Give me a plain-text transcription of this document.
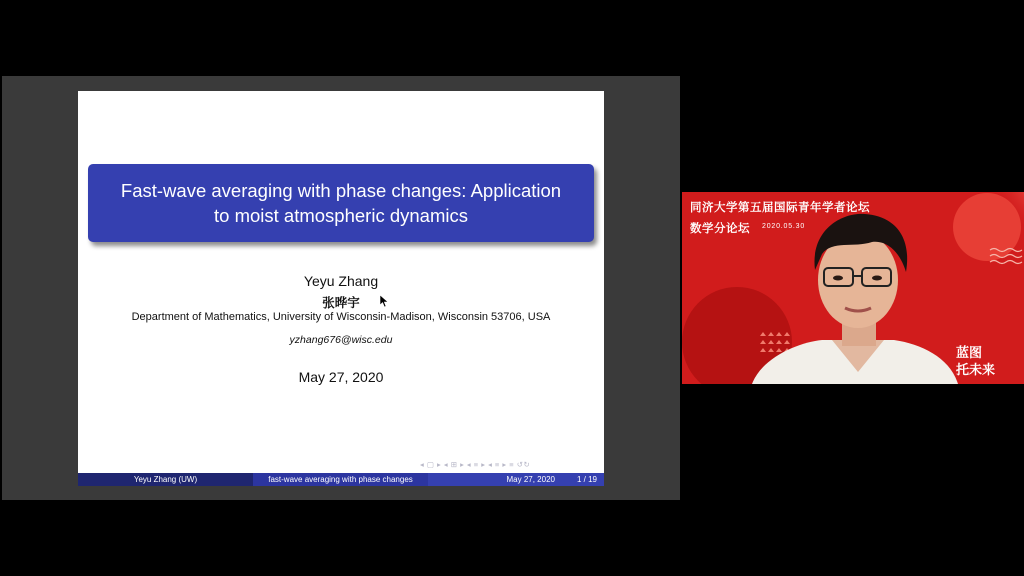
Fast-wave averaging with phase changes: Application
to moist atmospheric dynamics
Yeyu Zhang
张晔宇
Department of Mathematics, University of Wisconsin-Madison, Wisconsin 53706, USA
yzhang676@wisc.edu
May 27, 2020
◂ ▢ ▸ ◂ ⊞ ▸ ◂ ≡ ▸ ◂ ≡ ▸ ≡ ↺↻
Yeyu Zhang (UW)	fast-wave averaging with phase changes	May 27, 2020	1 / 19
同济大学第五届国际青年学者论坛
数学分论坛 2020.05.30
蓝图
托未来
